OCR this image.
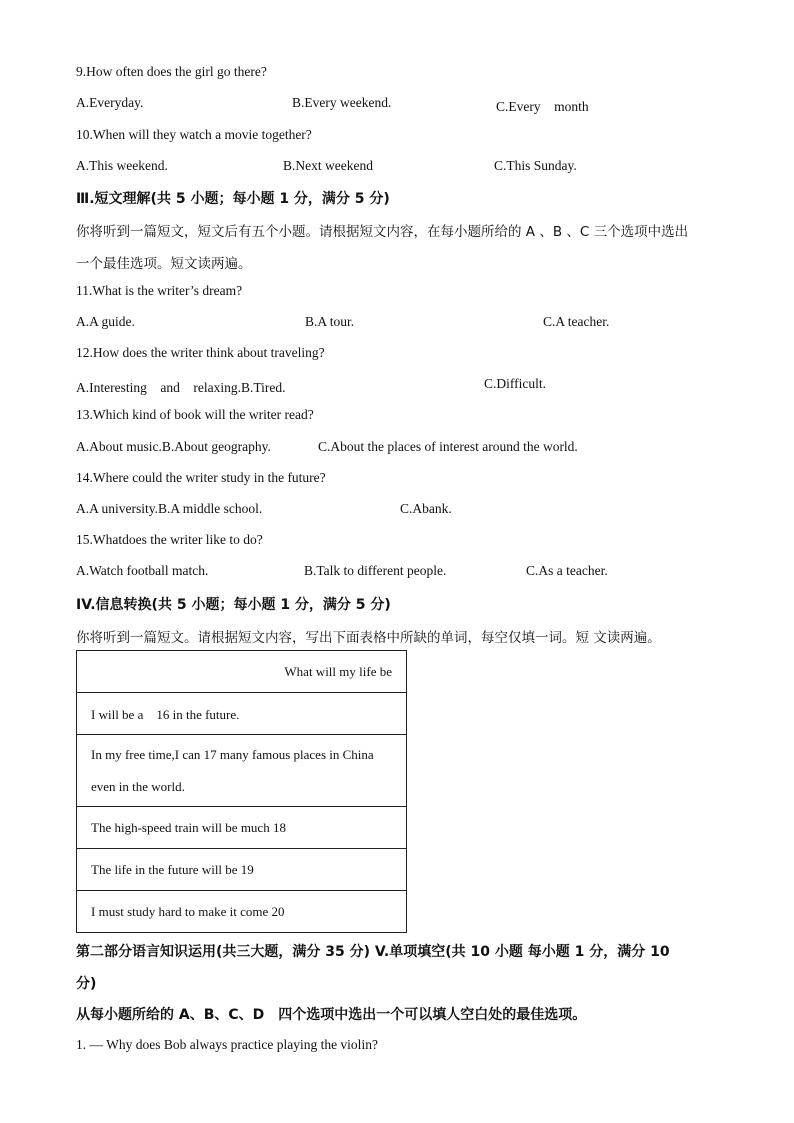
9.How often does the girl go there?
A.Everyday.	B.Every weekend.	C.Every　month
10.When will they watch a movie together?
A.This weekend.	B.Next weekend	C.This Sunday.
Ⅲ.短文理解(共 5 小题；每小题 1 分，满分 5 分)
你将听到一篇短文，短文后有五个小题。请根据短文内容，在每小题所给的 A 、B 、C 三个选项中选出
一个最佳选项。短文读两遍。
11.What is the writer’s dream?
A.A guide.	B.A tour.	C.A teacher.
12.How does the writer think about traveling?
A.Interesting　and　relaxing.B.Tired.	C.Difficult.
13.Which kind of book will the writer read?
A.About music.B.About geography.	C.About the places of interest around the world.
14.Where could the writer study in the future?
A.A university.B.A middle school.	C.Abank.
15.Whatdoes the writer like to do?
A.Watch football match.	B.Talk to different people.	C.As a teacher.
IV.信息转换(共 5 小题；每小题 1 分，满分 5 分)
你将听到一篇短文。请根据短文内容，写出下面表格中所缺的单词，每空仅填一词。短 文读两遍。
What will my life be
I will be a　16 in the future.

In my free time,I can 17 many famous places in China
even in the world.

The high-speed train will be much 18
The life in the future will be 19
I must study hard to make it come 20
第二部分语言知识运用(共三大题，满分 35 分) V.单项填空(共 10 小题 每小题 1 分，满分 10
分)
从每小题所给的 A、B、C、D　四个选项中选出一个可以填人空白处的最佳选项。
1. — Why does Bob always practice playing the violin?
